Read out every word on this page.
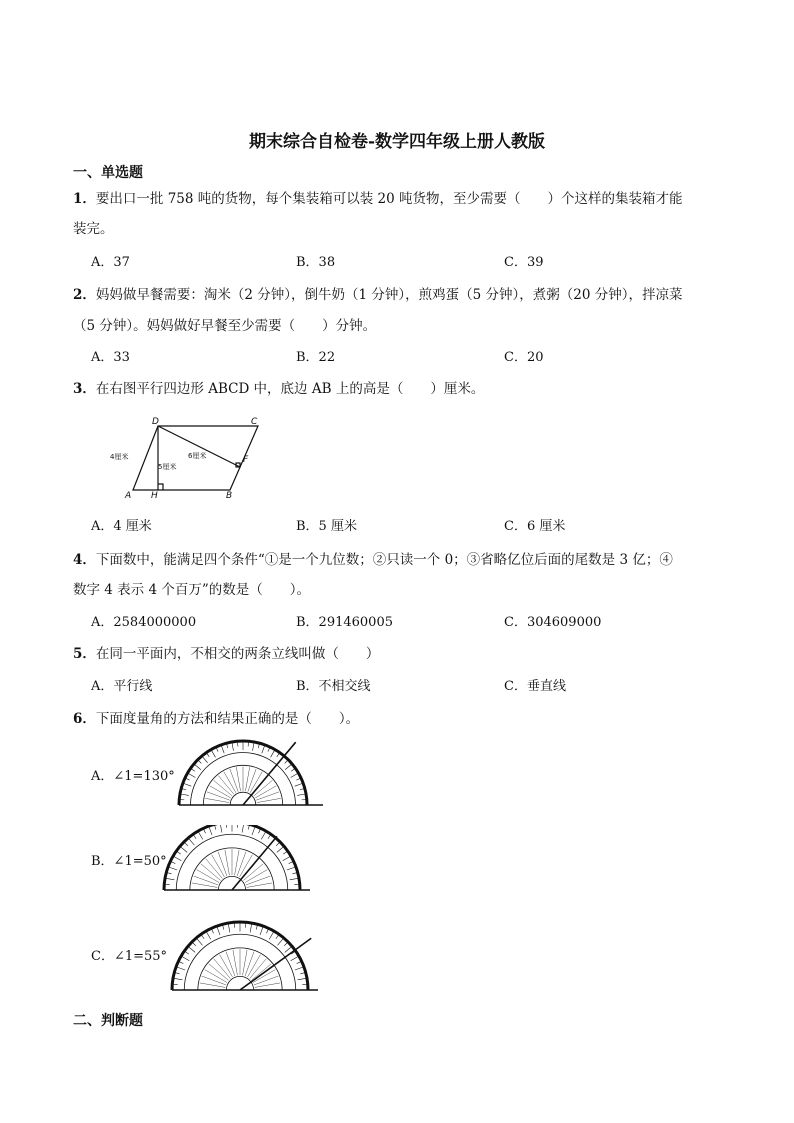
期末综合自检卷-数学四年级上册人教版
一、单选题
1．要出口一批 758 吨的货物，每个集装箱可以装 20 吨货物，至少需要（　　）个这样的集装箱才能
装完。
A．37	B．38	C．39
2．妈妈做早餐需要：淘米（2 分钟），倒牛奶（1 分钟），煎鸡蛋（5 分钟），煮粥（20 分钟），拌凉菜
（5 分钟）。妈妈做好早餐至少需要（　　）分钟。
A．33	B．22	C．20
3．在右图平行四边形 ABCD 中，底边 AB 上的高是（　　）厘米。
D	C
A H	B
F
4厘米
5厘米
6厘米
A．4 厘米	B．5 厘米	C．6 厘米
4．下面数中，能满足四个条件“①是一个九位数；②只读一个 0；③省略亿位后面的尾数是 3 亿；④
数字 4 表示 4 个百万”的数是（　　）。
A．2584000000	B．291460005	C．304609000
5．在同一平面内，不相交的两条立线叫做（　　）
A．平行线	B．不相交线	C．垂直线
6．下面度量角的方法和结果正确的是（　　）。
A．∠1=130°
B．∠1=50°
C．∠1=55°
二、判断题
